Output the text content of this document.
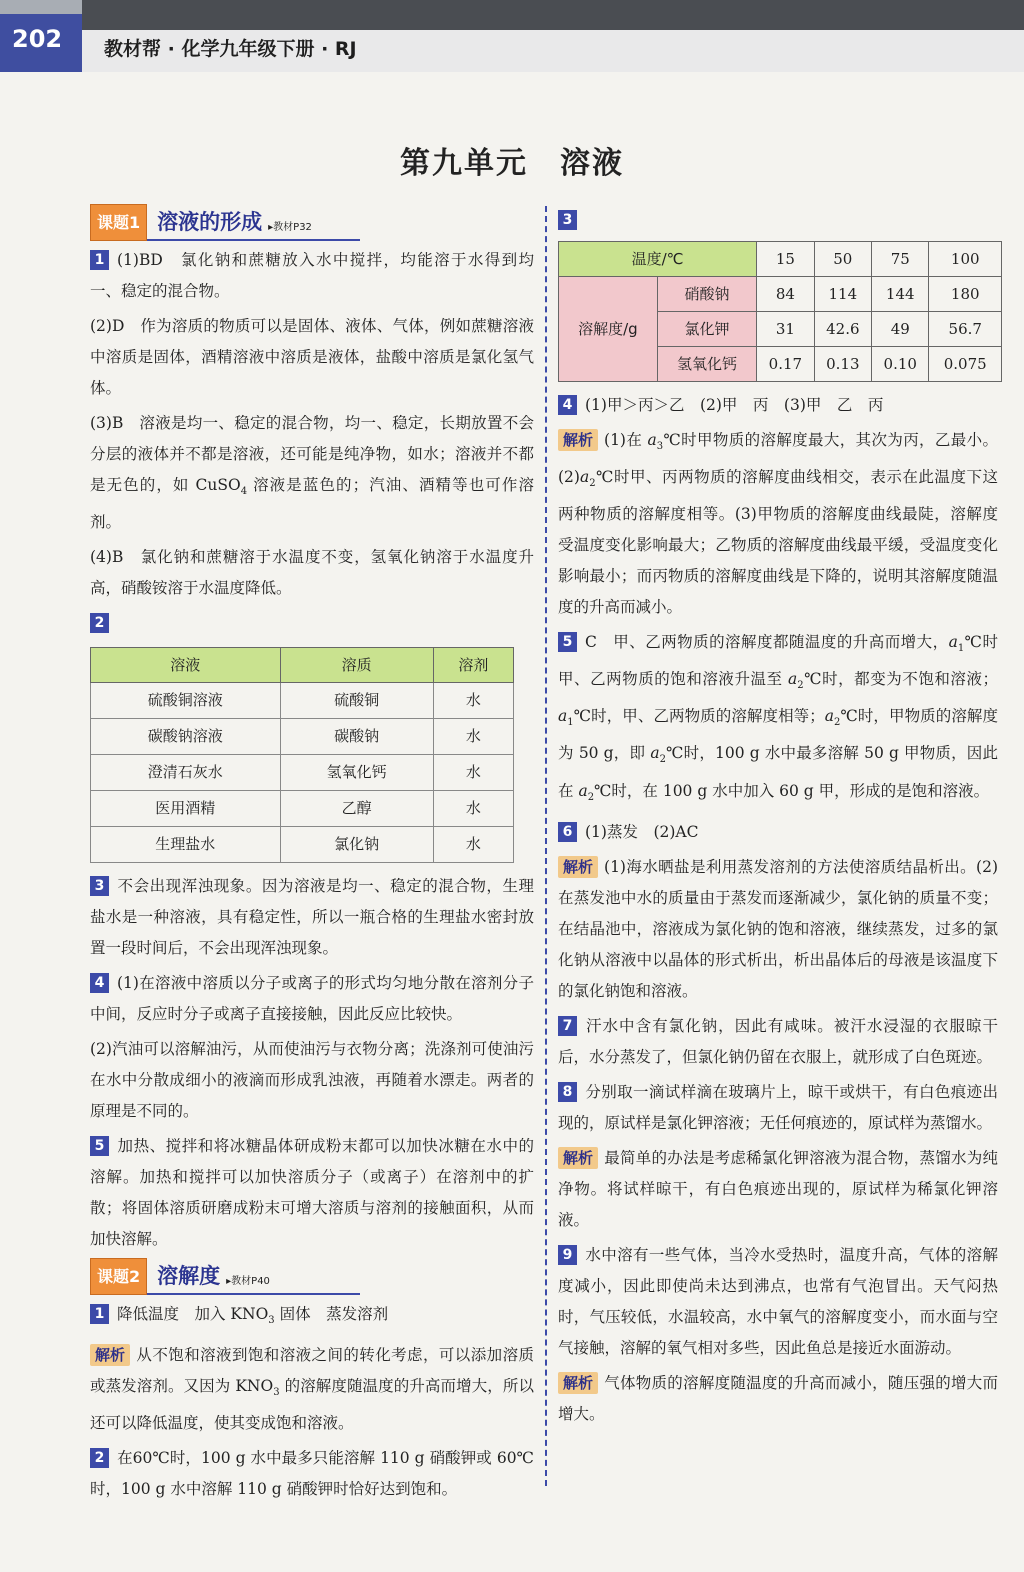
202	教材帮 · 化学九年级下册 · RJ
第九单元　溶液
课题1 溶液的形成 ▸教材P32

1 (1)BD　氯化钠和蔗糖放入水中搅拌，均能溶于水得到均一、稳定的混合物。

(2)D　作为溶质的物质可以是固体、液体、气体，例如蔗糖溶液中溶质是固体，酒精溶液中溶质是液体，盐酸中溶质是氯化氢气体。

(3)B　溶液是均一、稳定的混合物，均一、稳定，长期放置不会分层的液体并不都是溶液，还可能是纯净物，如水；溶液并不都是无色的，如 CuSO$_4$ 溶液是蓝色的；汽油、酒精等也可作溶剂。

(4)B　氯化钠和蔗糖溶于水温度不变，氢氧化钠溶于水温度升高，硝酸铵溶于水温度降低。

2

溶液	溶质	溶剂
硫酸铜溶液	硫酸铜	水
碳酸钠溶液	碳酸钠	水
澄清石灰水	氢氧化钙	水
医用酒精	乙醇	水
生理盐水	氯化钠	水

3 不会出现浑浊现象。因为溶液是均一、稳定的混合物，生理盐水是一种溶液，具有稳定性，所以一瓶合格的生理盐水密封放置一段时间后，不会出现浑浊现象。

4 (1)在溶液中溶质以分子或离子的形式均匀地分散在溶剂分子中间，反应时分子或离子直接接触，因此反应比较快。

(2)汽油可以溶解油污，从而使油污与衣物分离；洗涤剂可使油污在水中分散成细小的液滴而形成乳浊液，再随着水漂走。两者的原理是不同的。

5 加热、搅拌和将冰糖晶体研成粉末都可以加快冰糖在水中的溶解。加热和搅拌可以加快溶质分子（或离子）在溶剂中的扩散；将固体溶质研磨成粉末可增大溶质与溶剂的接触面积，从而加快溶解。

课题2 溶解度 ▸教材P40

1 降低温度　加入 $KNO_3$ 固体　蒸发溶剂

解析 从不饱和溶液到饱和溶液之间的转化考虑，可以添加溶质或蒸发溶剂。又因为 $KNO_3$ 的溶解度随温度的升高而增大，所以还可以降低温度，使其变成饱和溶液。

2 在60℃时，100 g 水中最多只能溶解 110 g 硝酸钾或 60℃时，100 g 水中溶解 110 g 硝酸钾时恰好达到饱和。

3

温度/℃		15	50	75	100
溶解度/g	硝酸钠	84	114	144	180
	氯化钾	31	42.6	49	56.7
	氢氧化钙	0.17	0.13	0.10	0.075

4 (1)甲＞丙＞乙　(2)甲　丙　(3)甲　乙　丙

解析 (1)在 $a_3℃$时甲物质的溶解度最大，其次为丙，乙最小。$(2)a_2℃$时甲、丙两物质的溶解度曲线相交，表示在此温度下这两种物质的溶解度相等。(3)甲物质的溶解度曲线最陡，溶解度受温度变化影响最大；乙物质的溶解度曲线最平缓，受温度变化影响最小；而丙物质的溶解度曲线是下降的，说明其溶解度随温度的升高而减小。

5 C　甲、乙两物质的溶解度都随温度的升高而增大，$a_1℃$时甲、乙两物质的饱和溶液升温至 $a_2℃$时，都变为不饱和溶液；$a_1℃$时，甲、乙两物质的溶解度相等；$a_2℃$时，甲物质的溶解度为 50 g，即 $a_2℃$时，100 g 水中最多溶解 50 g 甲物质，因此在 $a_2℃$时，在 100 g 水中加入 60 g 甲，形成的是饱和溶液。

6 (1)蒸发　(2)AC

解析 (1)海水晒盐是利用蒸发溶剂的方法使溶质结晶析出。(2)在蒸发池中水的质量由于蒸发而逐渐减少，氯化钠的质量不变；在结晶池中，溶液成为氯化钠的饱和溶液，继续蒸发，过多的氯化钠从溶液中以晶体的形式析出，析出晶体后的母液是该温度下的氯化钠饱和溶液。

7 汗水中含有氯化钠，因此有咸味。被汗水浸湿的衣服晾干后，水分蒸发了，但氯化钠仍留在衣服上，就形成了白色斑迹。

8 分别取一滴试样滴在玻璃片上，晾干或烘干，有白色痕迹出现的，原试样是氯化钾溶液；无任何痕迹的，原试样为蒸馏水。

解析 最简单的办法是考虑稀氯化钾溶液为混合物，蒸馏水为纯净物。将试样晾干，有白色痕迹出现的，原试样为稀氯化钾溶液。

9 水中溶有一些气体，当冷水受热时，温度升高，气体的溶解度减小，因此即使尚未达到沸点，也常有气泡冒出。天气闷热时，气压较低，水温较高，水中氧气的溶解度变小，而水面与空气接触，溶解的氧气相对多些，因此鱼总是接近水面游动。

解析 气体物质的溶解度随温度的升高而减小，随压强的增大而增大。
